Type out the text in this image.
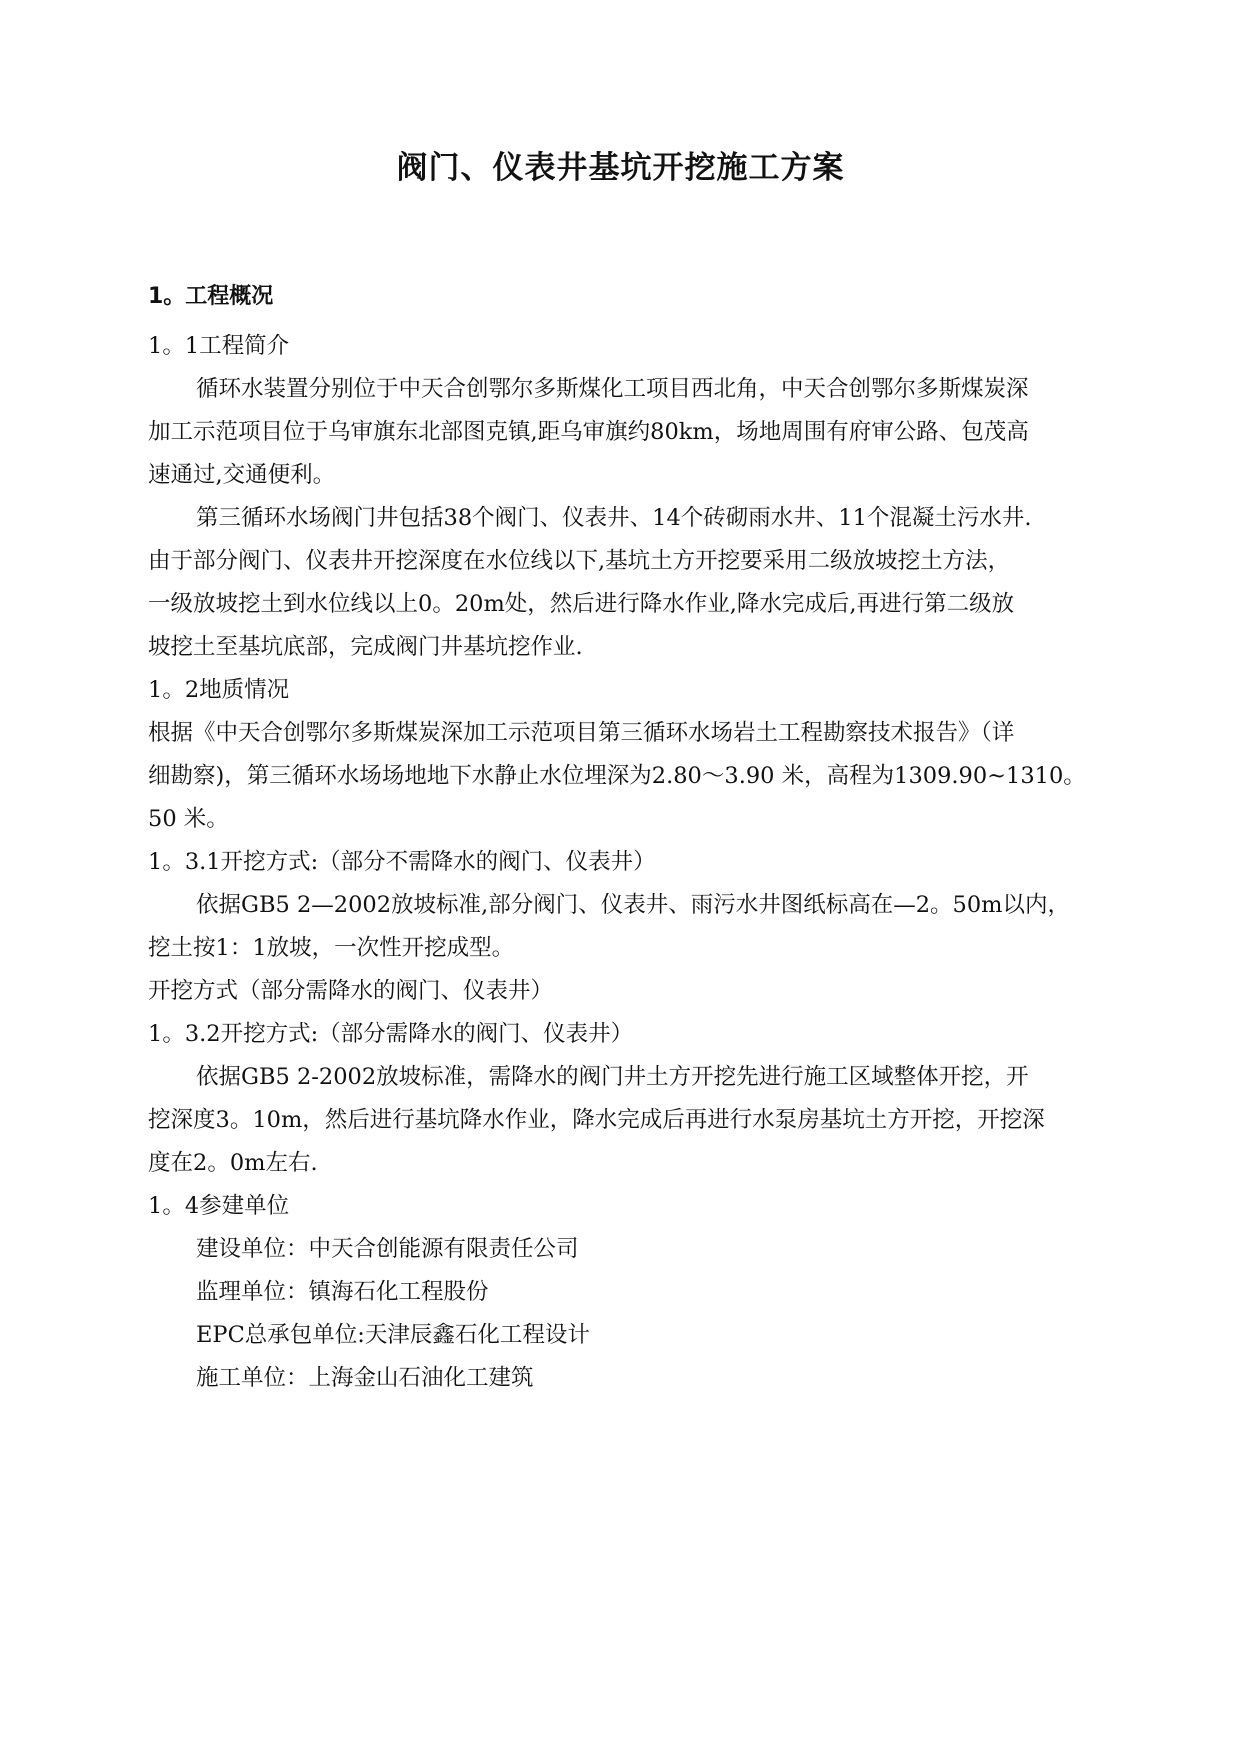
阀门、仪表井基坑开挖施工方案
1。工程概况
1。1工程简介
循环水装置分别位于中天合创鄂尔多斯煤化工项目西北角，中天合创鄂尔多斯煤炭深
加工示范项目位于乌审旗东北部图克镇,距乌审旗约80km，场地周围有府审公路、包茂高
速通过,交通便利。
第三循环水场阀门井包括38个阀门、仪表井、14个砖砌雨水井、11个混凝土污水井.
由于部分阀门、仪表井开挖深度在水位线以下,基坑土方开挖要采用二级放坡挖土方法，
一级放坡挖土到水位线以上0。20m处，然后进行降水作业,降水完成后,再进行第二级放
坡挖土至基坑底部，完成阀门井基坑挖作业.
1。2地质情况
根据《中天合创鄂尔多斯煤炭深加工示范项目第三循环水场岩土工程勘察技术报告》（详
细勘察)，第三循环水场场地地下水静止水位埋深为2.80～3.90 米，高程为1309.90~1310。
50 米。
1。3.1开挖方式:（部分不需降水的阀门、仪表井）
依据GB5 2—2002放坡标准,部分阀门、仪表井、雨污水井图纸标高在—2。50m以内，
挖土按1：1放坡，一次性开挖成型。
开挖方式（部分需降水的阀门、仪表井）
1。3.2开挖方式:（部分需降水的阀门、仪表井）
依据GB5 2-2002放坡标准，需降水的阀门井土方开挖先进行施工区域整体开挖，开
挖深度3。10m，然后进行基坑降水作业，降水完成后再进行水泵房基坑土方开挖，开挖深
度在2。0m左右.
1。4参建单位
建设单位：中天合创能源有限责任公司
监理单位：镇海石化工程股份
EPC总承包单位:天津辰鑫石化工程设计
施工单位：上海金山石油化工建筑
